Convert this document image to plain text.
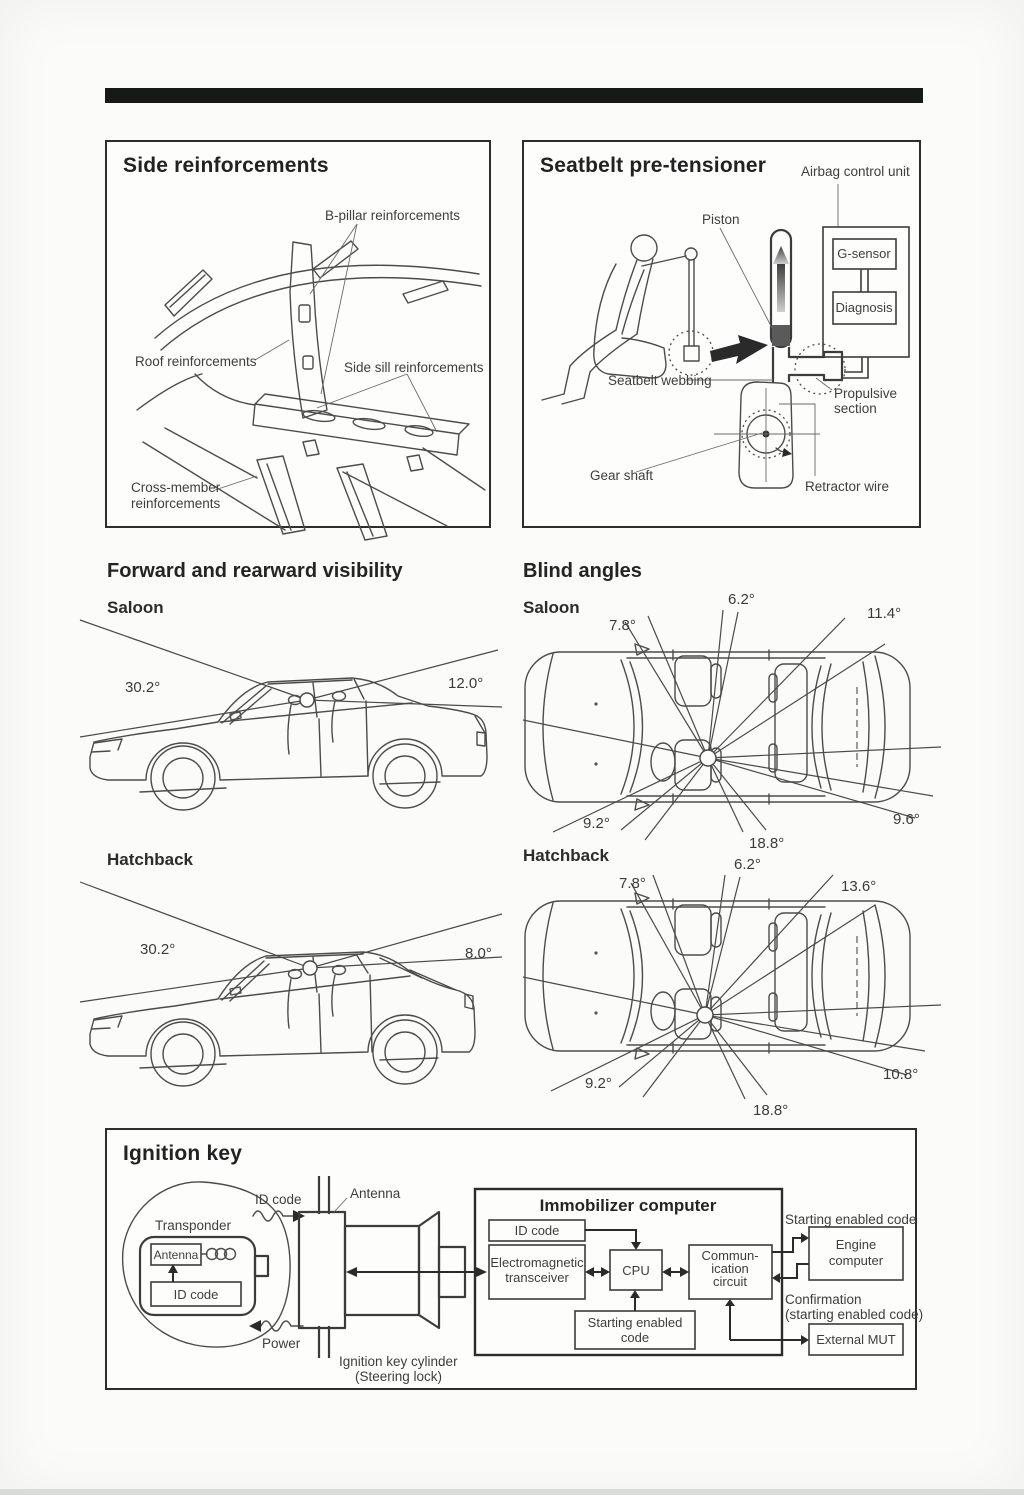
Side reinforcements
B-pillar reinforcements
Roof reinforcements	Side sill reinforcements
Cross-member
reinforcements
Seatbelt pre-tensioner
G-sensor
Diagnosis
Airbag control unit
Piston
Seatbelt webbing
Propulsive
section
Gear shaft
Retractor wire
Forward and rearward visibility	Blind angles
Saloon	Saloon
Hatchback	Hatchback
30.2°	12.0°
7.8°
6.2°
11.4°
9.2°
18.8°
9.6°
30.2°	8.0°
7.8°
6.2°
13.6°
9.2°
18.8°
10.8°
Ignition key
Antenna
ID code
Transponder
ID code
Power
Antenna
Ignition key cylinder
(Steering lock)
Immobilizer computer
ID code
Electromagnetic
transceiver	CPU
Commun-
ication
circuit
Starting enabled
code
Engine
computer
External MUT
Starting enabled code
Confirmation
(starting enabled code)
